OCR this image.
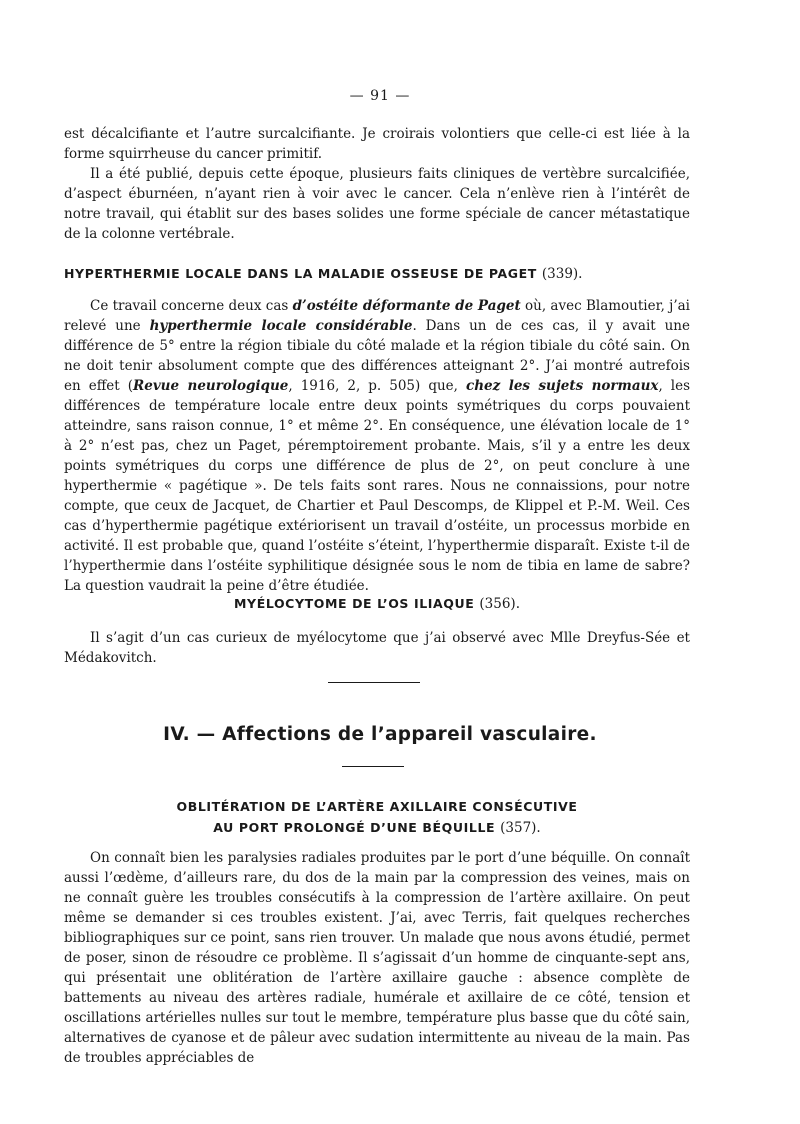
— 91 —

est décalcifiante et l’autre surcalcifiante. Je croirais volontiers que celle-ci est liée à la forme squirrheuse du cancer primitif.

Il a été publié, depuis cette époque, plusieurs faits cliniques de vertèbre surcalcifiée, d’aspect éburnéen, n’ayant rien à voir avec le cancer. Cela n’enlève rien à l’intérêt de notre travail, qui établit sur des bases solides une forme spéciale de cancer métastatique de la colonne vertébrale.

HYPERTHERMIE LOCALE DANS LA MALADIE OSSEUSE DE PAGET (339).

Ce travail concerne deux cas d’ostéite déformante de Paget où, avec Blamoutier, j’ai relevé une hyperthermie locale considérable. Dans un de ces cas, il y avait une différence de 5° entre la région tibiale du côté malade et la région tibiale du côté sain. On ne doit tenir absolument compte que des différences atteignant 2°. J’ai montré autrefois en effet (Revue neurologique, 1916, 2, p. 505) que, chez les sujets normaux, les différences de température locale entre deux points symétriques du corps pouvaient atteindre, sans raison connue, 1° et même 2°. En conséquence, une élévation locale de 1° à 2° n’est pas, chez un Paget, péremptoirement probante. Mais, s’il y a entre les deux points symétriques du corps une différence de plus de 2°, on peut conclure à une hyperthermie « pagétique ». De tels faits sont rares. Nous ne connaissions, pour notre compte, que ceux de Jacquet, de Chartier et Paul Descomps, de Klippel et P.-M. Weil. Ces cas d’hyperthermie pagétique extériorisent un travail d’ostéite, un processus morbide en activité. Il est probable que, quand l’ostéite s’éteint, l’hyperthermie disparaît. Existe t-il de l’hyperthermie dans l’ostéite syphilitique désignée sous le nom de tibia en lame de sabre? La question vaudrait la peine d’être étudiée.

MYÉLOCYTOME DE L’OS ILIAQUE (356).

Il s’agit d’un cas curieux de myélocytome que j’ai observé avec Mlle Dreyfus-Sée et Médakovitch.

IV. — Affections de l’appareil vasculaire.
OBLITÉRATION DE L’ARTÈRE AXILLAIRE CONSÉCUTIVE
AU PORT PROLONGÉ D’UNE BÉQUILLE (357).

On connaît bien les paralysies radiales produites par le port d’une béquille. On connaît aussi l’œdème, d’ailleurs rare, du dos de la main par la compression des veines, mais on ne connaît guère les troubles consécutifs à la compression de l’artère axillaire. On peut même se demander si ces troubles existent. J’ai, avec Terris, fait quelques recherches bibliographiques sur ce point, sans rien trouver. Un malade que nous avons étudié, permet de poser, sinon de résoudre ce problème. Il s’agissait d’un homme de cinquante-sept ans, qui présentait une oblitération de l’artère axillaire gauche : absence complète de battements au niveau des artères radiale, humérale et axillaire de ce côté, tension et oscillations artérielles nulles sur tout le membre, température plus basse que du côté sain, alternatives de cyanose et de pâleur avec sudation intermittente au niveau de la main. Pas de troubles appréciables de
